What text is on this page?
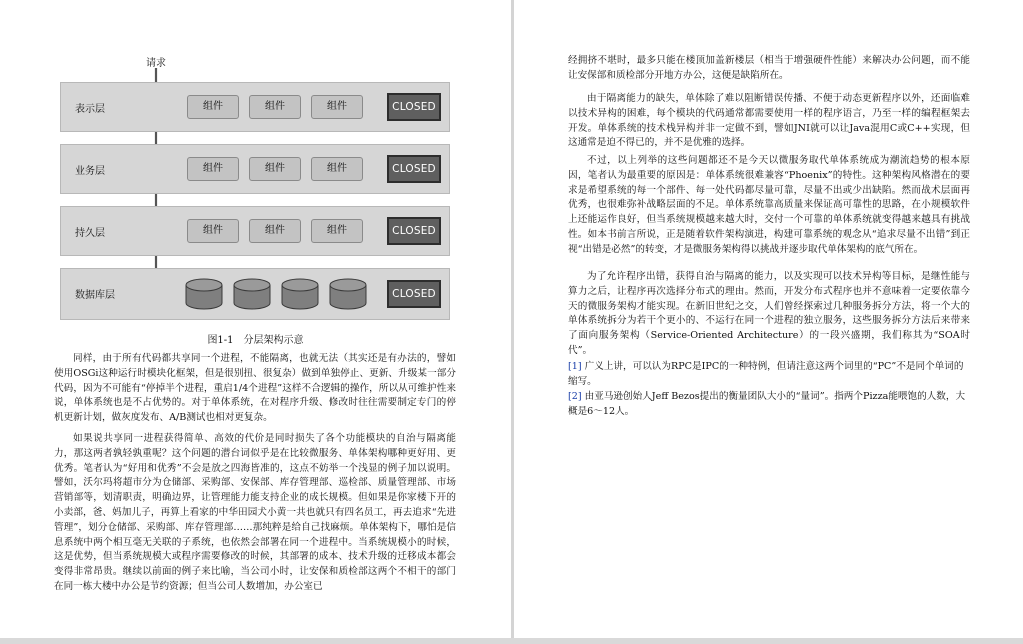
请求
表示层	组件	组件	组件	CLOSED
业务层	组件	组件	组件	CLOSED
持久层	组件	组件	组件	CLOSED
数据库层	CLOSED
图1-1　分层架构示意

同样，由于所有代码都共享同一个进程，不能隔离，也就无法（其实还是有办法的，譬如使用OSGi这种运行时模块化框架，但是很别扭、很复杂）做到单独停止、更新、升级某一部分代码，因为不可能有“停掉半个进程，重启1/4个进程”这样不合逻辑的操作，所以从可维护性来说，单体系统也是不占优势的。对于单体系统，在对程序升级、修改时往往需要制定专门的停机更新计划，做灰度发布、A/B测试也相对更复杂。

如果说共享同一进程获得简单、高效的代价是同时损失了各个功能模块的自治与隔离能力，那这两者孰轻孰重呢？这个问题的潜台词似乎是在比较微服务、单体架构哪种更好用、更优秀。笔者认为“好用和优秀”不会是放之四海皆准的，这点不妨举一个浅显的例子加以说明。譬如，沃尔玛将超市分为仓储部、采购部、安保部、库存管理部、巡检部、质量管理部、市场营销部等，划清职责，明确边界，让管理能力能支持企业的成长规模。但如果是你家楼下开的小卖部，爸、妈加儿子，再算上看家的中华田园犬小黄一共也就只有四名员工，再去追求“先进管理”，划分仓储部、采购部、库存管理部……那纯粹是给自己找麻烦。单体架构下，哪怕是信息系统中两个相互毫无关联的子系统，也依然会部署在同一个进程中。当系统规模小的时候，这是优势，但当系统规模大或程序需要修改的时候，其部署的成本、技术升级的迁移成本都会变得非常昂贵。继续以前面的例子来比喻，当公司小时，让安保和质检部这两个不相干的部门在同一栋大楼中办公是节约资源；但当公司人数增加，办公室已

经拥挤不堪时，最多只能在楼顶加盖新楼层（相当于增强硬件性能）来解决办公问题，而不能让安保部和质检部分开地方办公，这便是缺陷所在。

由于隔离能力的缺失，单体除了难以阻断错误传播、不便于动态更新程序以外，还面临难以技术异构的困难，每个模块的代码通常都需要使用一样的程序语言，乃至一样的编程框架去开发。单体系统的技术栈异构并非一定做不到，譬如JNI就可以让Java混用C或C++实现，但这通常是迫不得已的，并不是优雅的选择。

不过，以上列举的这些问题都还不是今天以微服务取代单体系统成为潮流趋势的根本原因，笔者认为最重要的原因是：单体系统很难兼容“Phoenix”的特性。这种架构风格潜在的要求是希望系统的每一个部件、每一处代码都尽量可靠，尽量不出或少出缺陷。然而战术层面再优秀，也很难弥补战略层面的不足。单体系统靠高质量来保证高可靠性的思路，在小规模软件上还能运作良好，但当系统规模越来越大时，交付一个可靠的单体系统就变得越来越具有挑战性。如本书前言所说，正是随着软件架构演进，构建可靠系统的观念从“追求尽量不出错”到正视“出错是必然”的转变，才是微服务架构得以挑战并逐步取代单体架构的底气所在。

为了允许程序出错，获得自治与隔离的能力，以及实现可以技术异构等目标，是继性能与算力之后，让程序再次选择分布式的理由。然而，开发分布式程序也并不意味着一定要依靠今天的微服务架构才能实现。在新旧世纪之交，人们曾经探索过几种服务拆分方法，将一个大的单体系统拆分为若干个更小的、不运行在同一个进程的独立服务，这些服务拆分方法后来带来了面向服务架构（Service-Oriented Architecture）的一段兴盛期，我们称其为“SOA时代”。

[1] 广义上讲，可以认为RPC是IPC的一种特例，但请注意这两个词里的“PC”不是同个单词的缩写。
[2] 由亚马逊创始人Jeff Bezos提出的衡量团队大小的“量词”。指两个Pizza能喂饱的人数，大概是6～12人。
